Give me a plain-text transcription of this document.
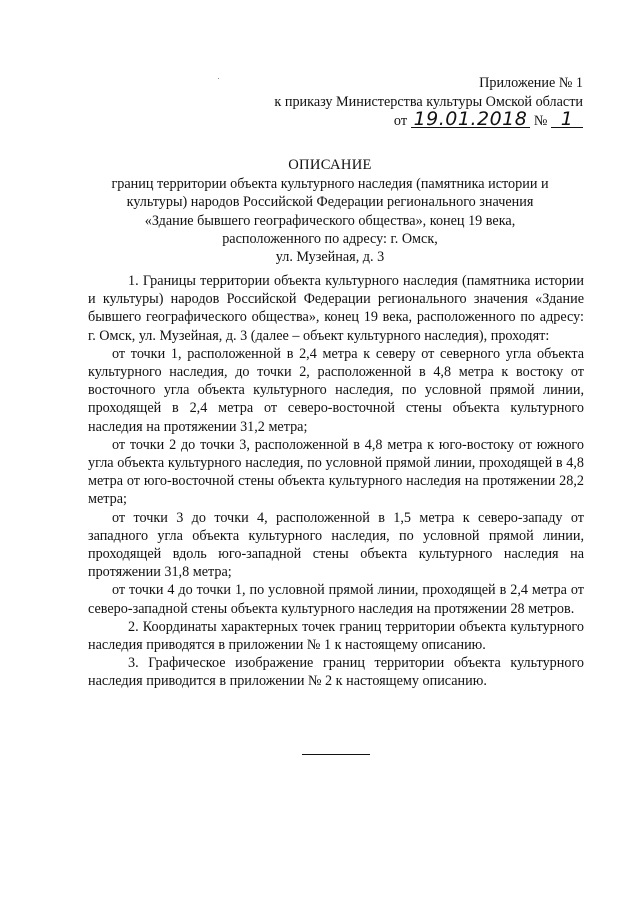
Приложение № 1
к приказу Министерства культуры Омской области
от 19.01.2018 № 1
ОПИСАНИЕ
границ территории объекта культурного наследия (памятника истории и
культуры) народов Российской Федерации регионального значения
«Здание бывшего географического общества», конец 19 века,
расположенного по адресу: г. Омск,
ул. Музейная, д. 3

1. Границы территории объекта культурного наследия (памятника истории и культуры) народов Российской Федерации регионального значения «Здание бывшего географического общества», конец 19 века, расположенного по адресу: г. Омск, ул. Музейная, д. 3 (далее – объект культурного наследия), проходят:

от точки 1, расположенной в 2,4 метра к северу от северного угла объекта культурного наследия, до точки 2, расположенной в 4,8 метра к востоку от восточного угла объекта культурного наследия, по условной прямой линии, проходящей в 2,4 метра от северо-восточной стены объекта культурного наследия на протяжении 31,2 метра;

от точки 2 до точки 3, расположенной в 4,8 метра к юго-востоку от южного угла объекта культурного наследия, по условной прямой линии, проходящей в 4,8 метра от юго-восточной стены объекта культурного наследия на протяжении 28,2 метра;

от точки 3 до точки 4, расположенной в 1,5 метра к северо-западу от западного угла объекта культурного наследия, по условной прямой линии, проходящей вдоль юго-западной стены объекта культурного наследия на протяжении 31,8 метра;

от точки 4 до точки 1, по условной прямой линии, проходящей в 2,4 метра от северо-западной стены объекта культурного наследия на протяжении 28 метров.

2. Координаты характерных точек границ территории объекта культурного наследия приводятся в приложении № 1 к настоящему описанию.

3. Графическое изображение границ территории объекта культурного наследия приводится в приложении № 2 к настоящему описанию.
